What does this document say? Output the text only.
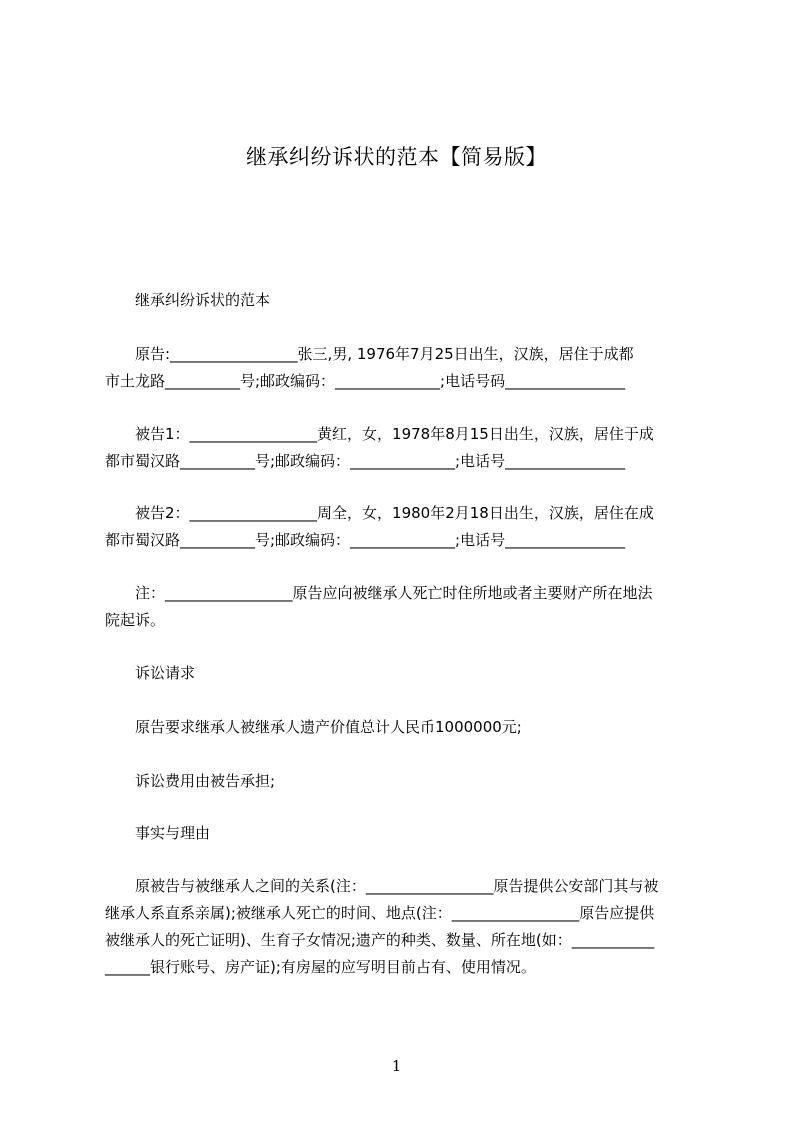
继承纠纷诉状的范本【简易版】
继承纠纷诉状的范本
原告:_________________张三,男, 1976年7月25日出生，汉族，居住于成都
市土龙路__________号;邮政编码：______________;电话号码________________
被告1：_________________黄红，女，1978年8月15日出生，汉族，居住于成
都市蜀汉路__________号;邮政编码：______________;电话号________________
被告2：_________________周全，女，1980年2月18日出生，汉族，居住在成
都市蜀汉路__________号;邮政编码：______________;电话号________________
注：_________________原告应向被继承人死亡时住所地或者主要财产所在地法
院起诉。
诉讼请求
原告要求继承人被继承人遗产价值总计人民币1000000元;
诉讼费用由被告承担;
事实与理由
原被告与被继承人之间的关系(注：_________________原告提供公安部门其与被
继承人系直系亲属);被继承人死亡的时间、地点(注：_________________原告应提供
被继承人的死亡证明)、生育子女情况;遗产的种类、数量、所在地(如：___________
______银行账号、房产证);有房屋的应写明目前占有、使用情况。
1
